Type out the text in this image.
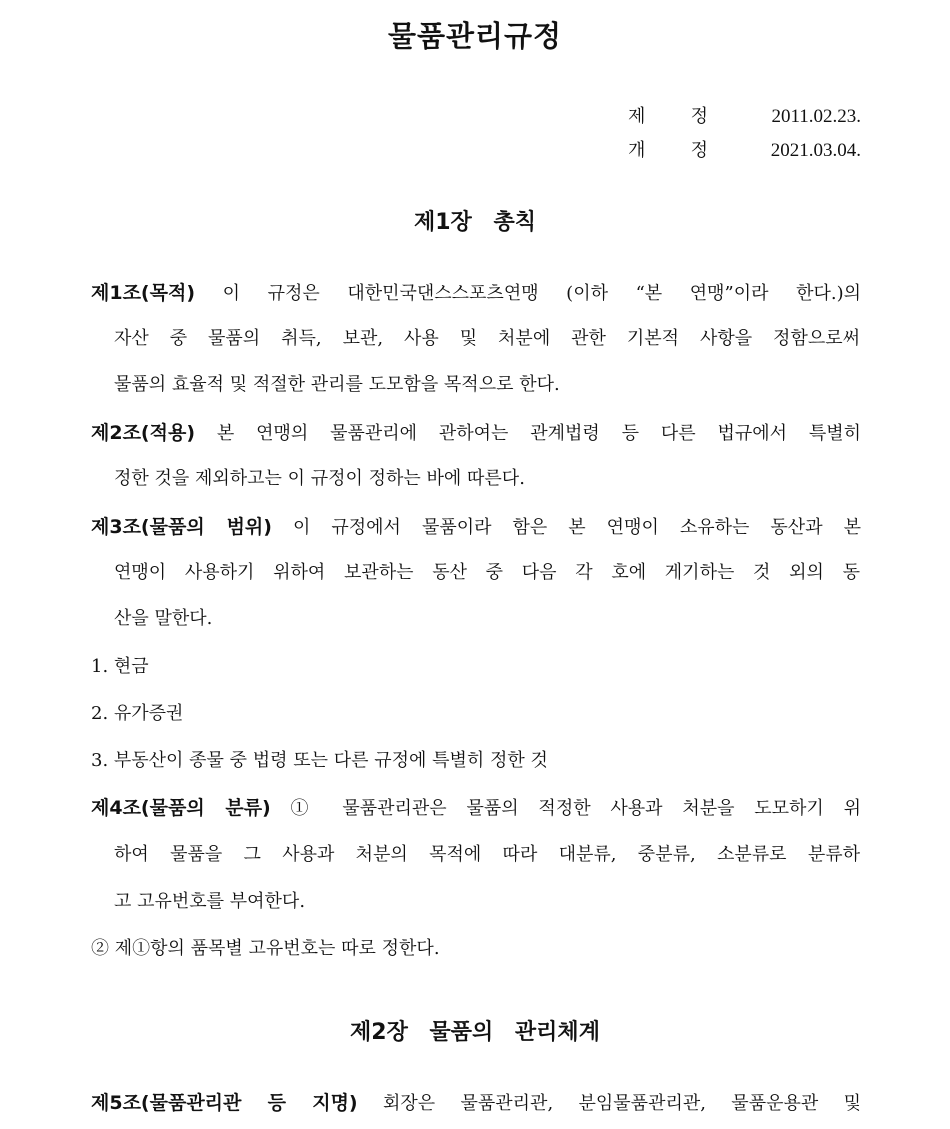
물품관리규정
제	정	2011.02.23.
개	정	2021.03.04.
제1장 총칙
제1조(목적) 이 규정은 대한민국댄스스포츠연맹 (이하 “본 연맹”이라 한다.)의
자산 중 물품의 취득, 보관, 사용 및 처분에 관한 기본적 사항을 정함으로써
물품의 효율적 및 적절한 관리를 도모함을 목적으로 한다.
제2조(적용) 본 연맹의 물품관리에 관하여는 관계법령 등 다른 법규에서 특별히
정한 것을 제외하고는 이 규정이 정하는 바에 따른다.
제3조(물품의 범위) 이 규정에서 물품이라 함은 본 연맹이 소유하는 동산과 본
연맹이 사용하기 위하여 보관하는 동산 중 다음 각 호에 게기하는 것 외의 동
산을 말한다.
1. 현금
2. 유가증권
3. 부동산이 종물 중 법령 또는 다른 규정에 특별히 정한 것
제4조(물품의 분류) ① 물품관리관은 물품의 적정한 사용과 처분을 도모하기 위
하여 물품을 그 사용과 처분의 목적에 따라 대분류, 중분류, 소분류로 분류하
고 고유번호를 부여한다.
② 제①항의 품목별 고유번호는 따로 정한다.
제2장 물품의 관리체계
제5조(물품관리관 등 지명) 회장은 물품관리관, 분임물품관리관, 물품운용관 및
